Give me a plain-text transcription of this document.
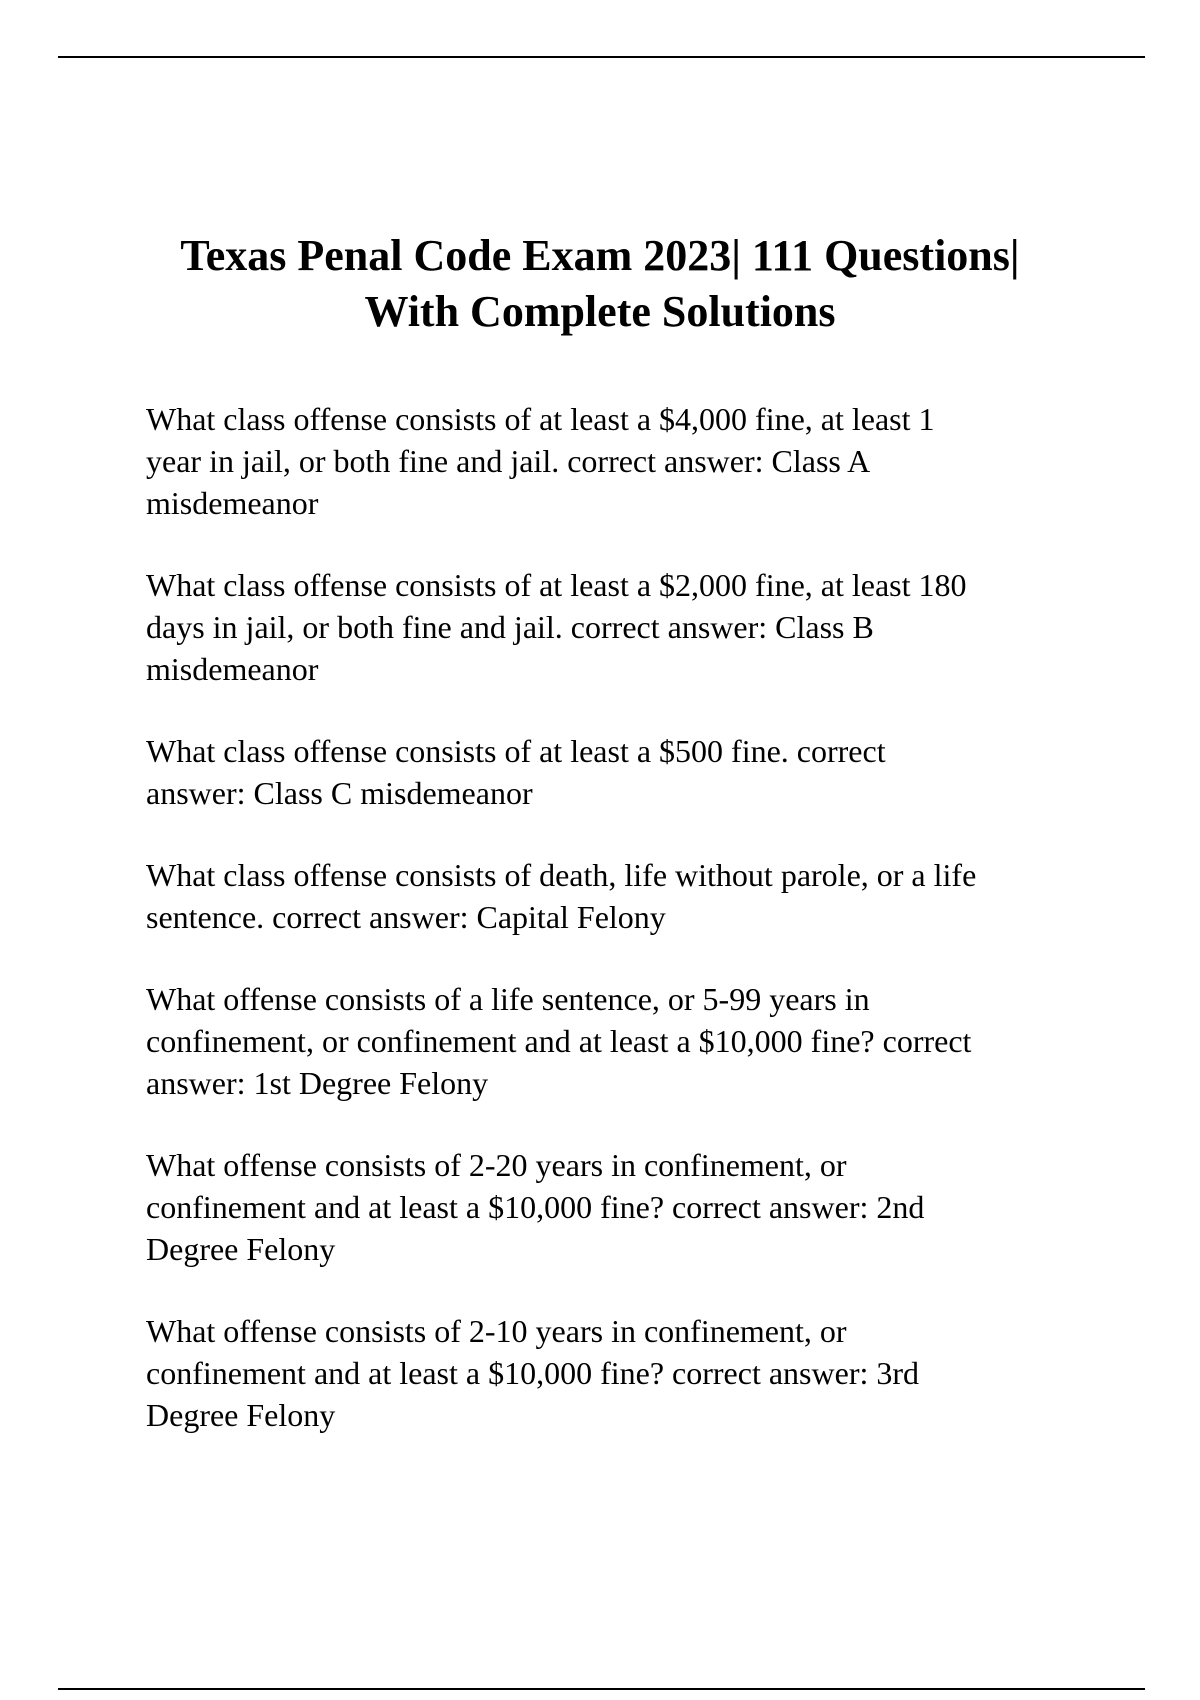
Texas Penal Code Exam 2023| 111 Questions|
With Complete Solutions
What class offense consists of at least a $4,000 fine, at least 1
year in jail, or both fine and jail. correct answer: Class A
misdemeanor
What class offense consists of at least a $2,000 fine, at least 180
days in jail, or both fine and jail. correct answer: Class B
misdemeanor
What class offense consists of at least a $500 fine. correct
answer: Class C misdemeanor
What class offense consists of death, life without parole, or a life
sentence. correct answer: Capital Felony
What offense consists of a life sentence, or 5-99 years in
confinement, or confinement and at least a $10,000 fine? correct
answer: 1st Degree Felony
What offense consists of 2-20 years in confinement, or
confinement and at least a $10,000 fine? correct answer: 2nd
Degree Felony
What offense consists of 2-10 years in confinement, or
confinement and at least a $10,000 fine? correct answer: 3rd
Degree Felony
